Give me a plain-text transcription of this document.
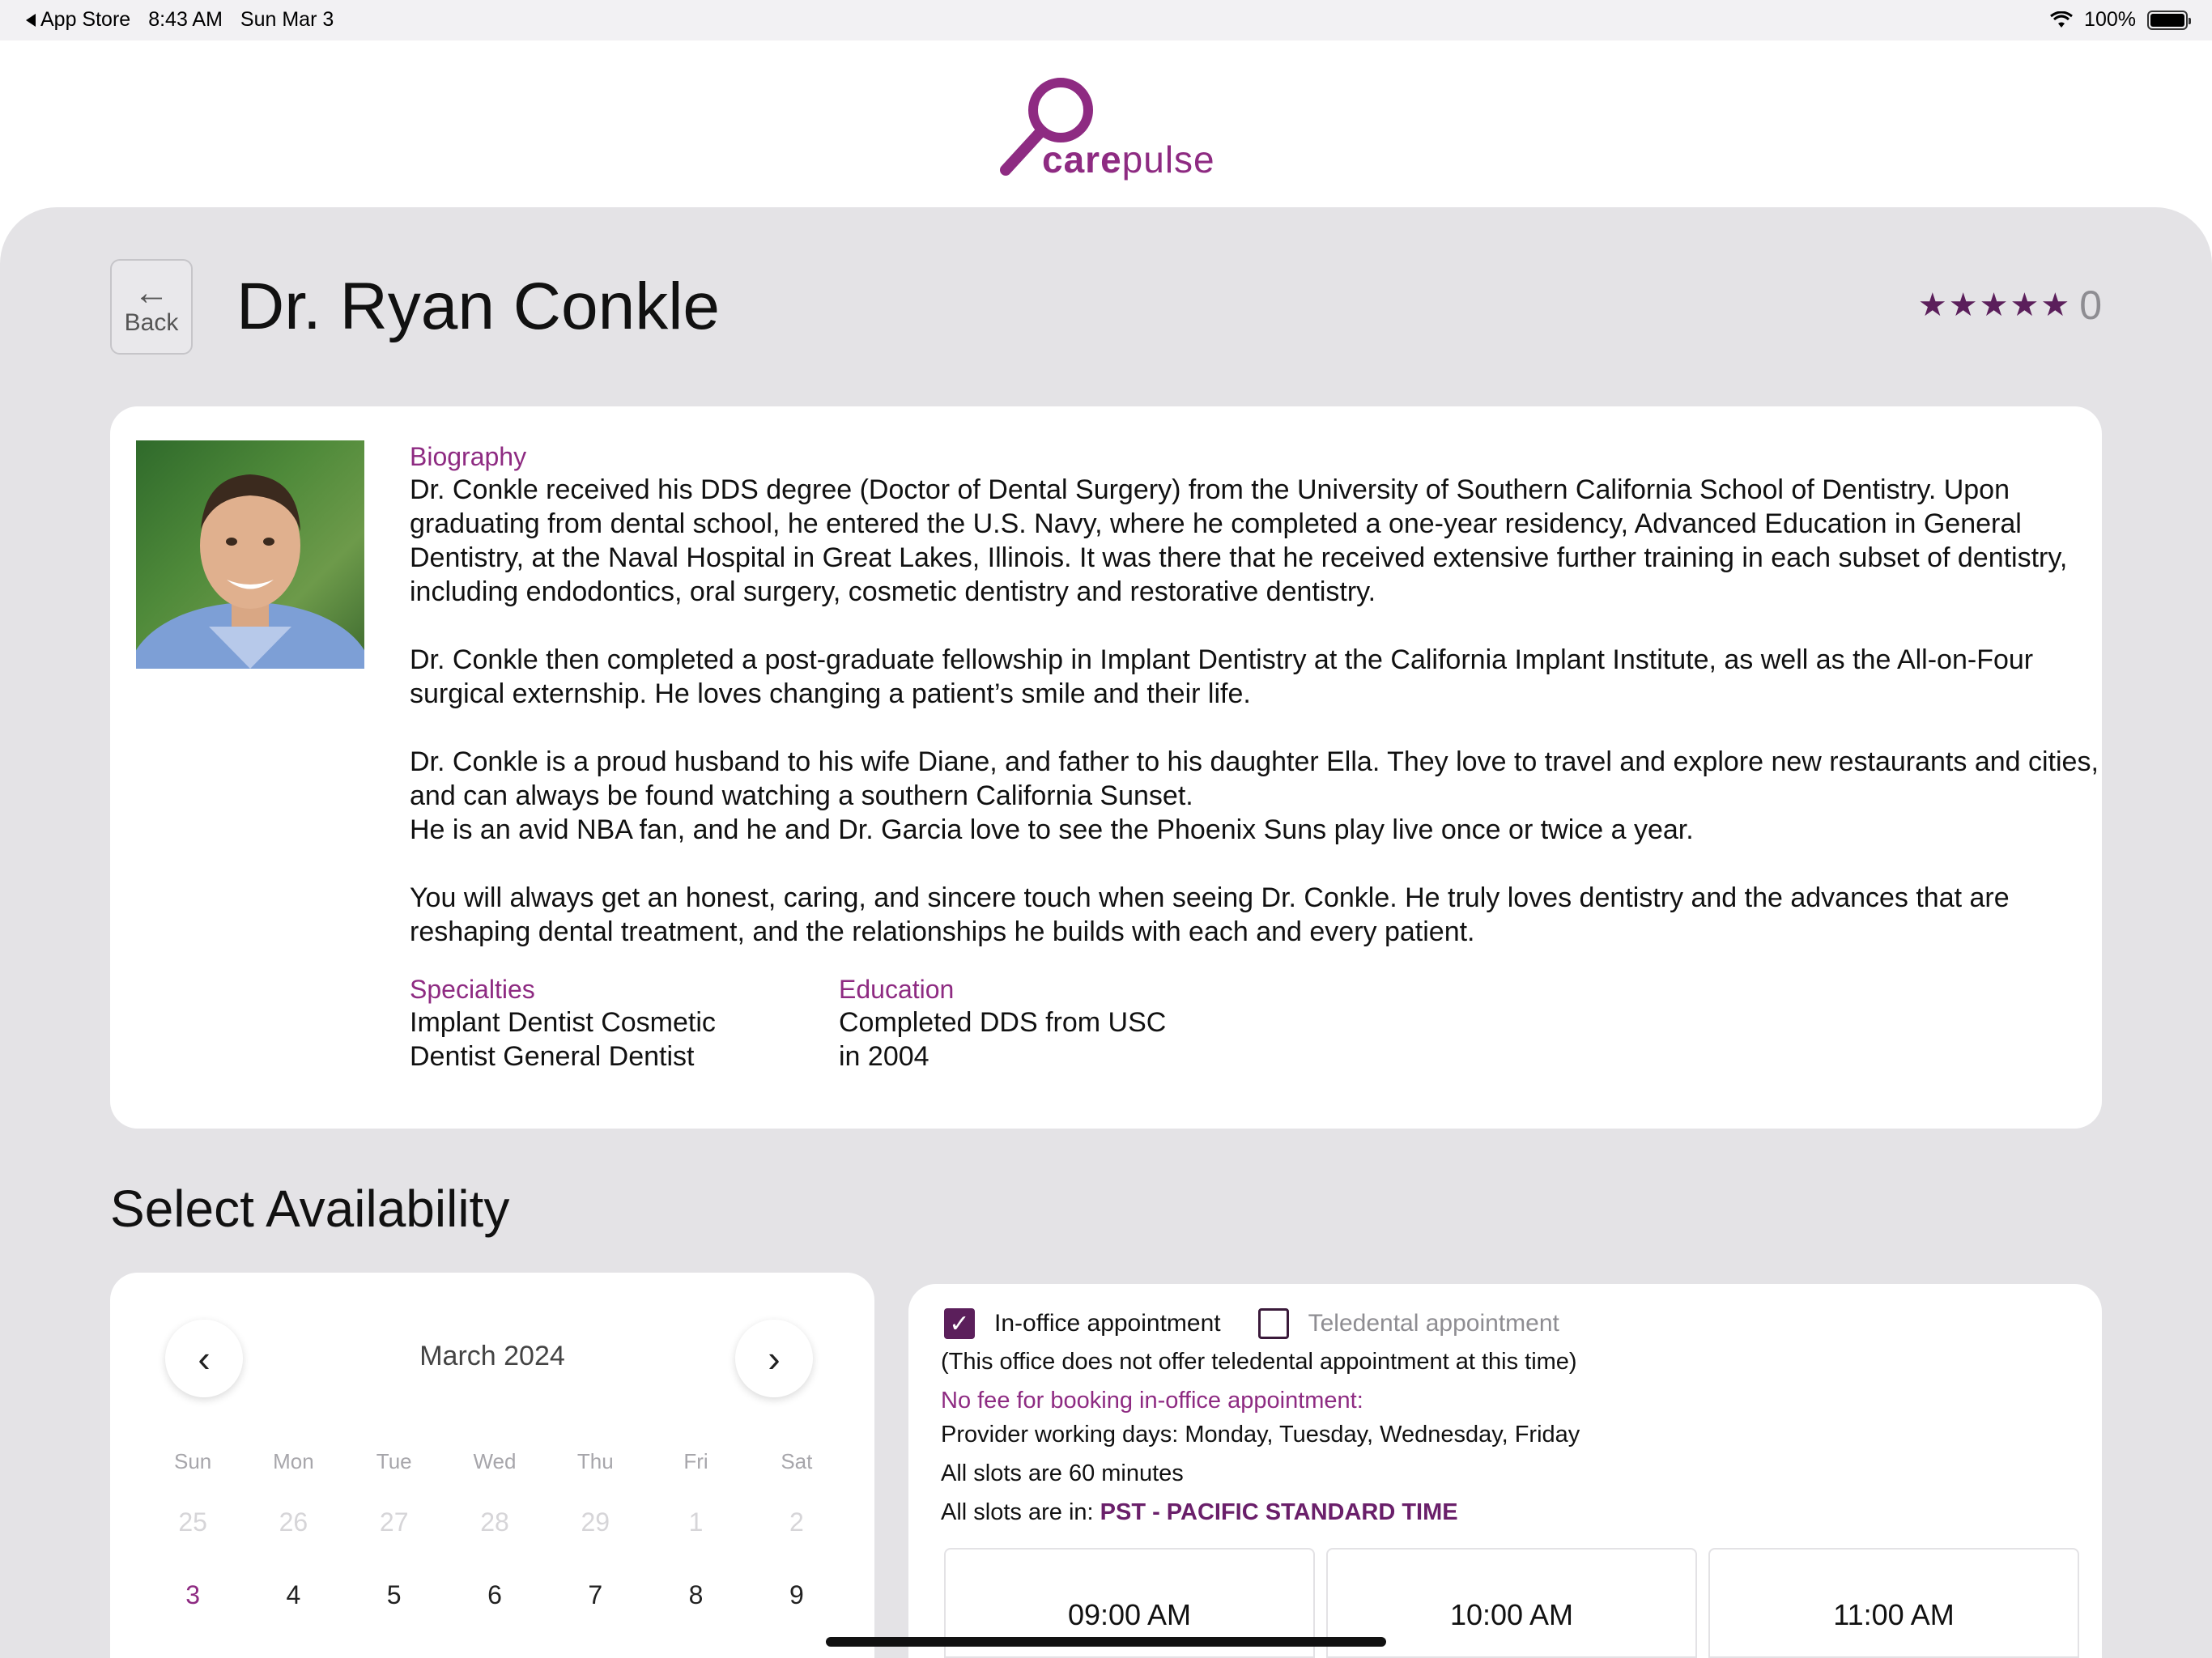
App Store 8:43 AM Sun Mar 3	100%
carepulse
←
Back Dr. Ryan Conkle	★★★★★ 0
Biography

Dr. Conkle received his DDS degree (Doctor of Dental Surgery) from the University of Southern California School of Dentistry. Upon graduating from dental school, he entered the U.S. Navy, where he completed a one-year residency, Advanced Education in General Dentistry, at the Naval Hospital in Great Lakes, Illinois. It was there that he received extensive further training in each subset of dentistry, including endodontics, oral surgery, cosmetic dentistry and restorative dentistry.

Dr. Conkle then completed a post-graduate fellowship in Implant Dentistry at the California Implant Institute, as well as the All-on-Four surgical externship. He loves changing a patient’s smile and their life.

Dr. Conkle is a proud husband to his wife Diane, and father to his daughter Ella. They love to travel and explore new restaurants and cities, and can always be found watching a southern California Sunset.

He is an avid NBA fan, and he and Dr. Garcia love to see the Phoenix Suns play live once or twice a year.

You will always get an honest, caring, and sincere touch when seeing Dr. Conkle. He truly loves dentistry and the advances that are reshaping dental treatment, and the relationships he builds with each and every patient.

Specialties
Implant Dentist Cosmetic Dentist General Dentist
Education
Completed DDS from USC in 2004
Select Availability
‹	March 2024	›
Sun	Mon	Tue	Wed	Thu	Fri	Sat
25	26	27	28	29	1	2
3	4	5	6	7	8	9
✓ In-office appointment	Teledental appointment
(This office does not offer teledental appointment at this time)
No fee for booking in-office appointment:
Provider working days: Monday, Tuesday, Wednesday, Friday
All slots are 60 minutes
All slots are in: PST - PACIFIC STANDARD TIME
09:00 AM	10:00 AM	11:00 AM
